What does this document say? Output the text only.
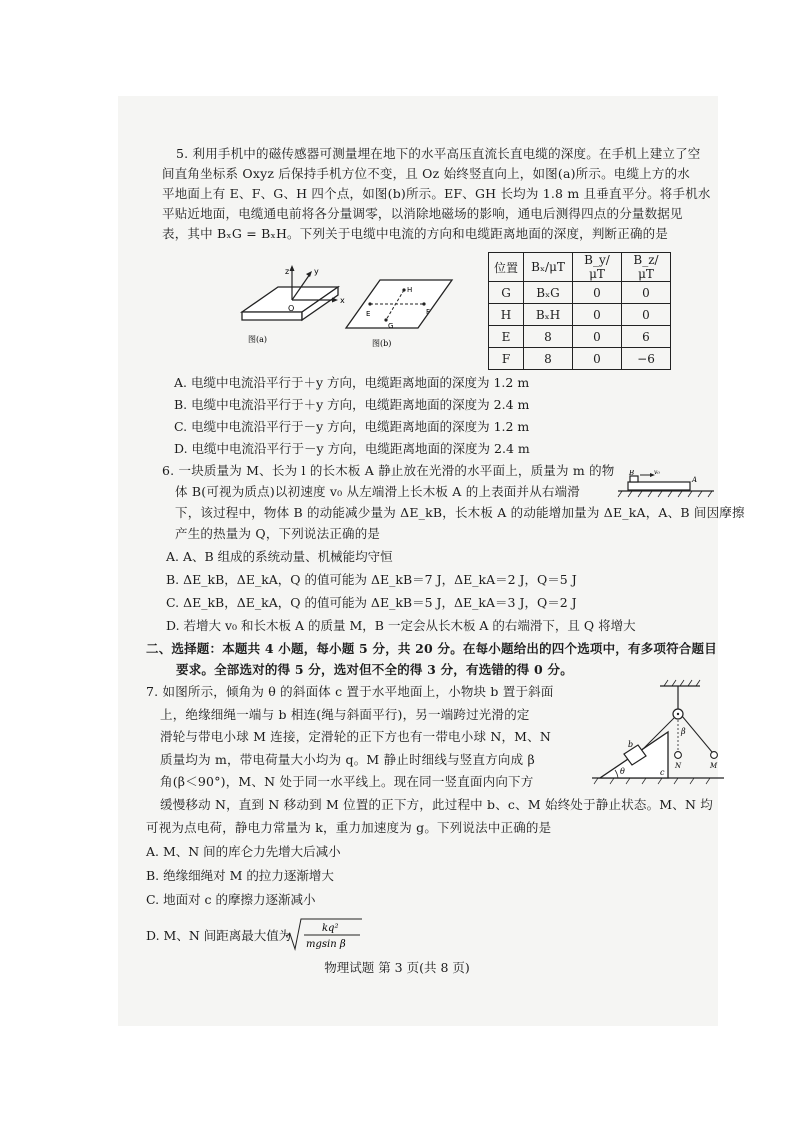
5. 利用手机中的磁传感器可测量埋在地下的水平高压直流长直电缆的深度。在手机上建立了空
间直角坐标系 Oxyz 后保持手机方位不变，且 Oz 始终竖直向上，如图(a)所示。电缆上方的水
平地面上有 E、F、G、H 四个点，如图(b)所示。EF、GH 长均为 1.8 m 且垂直平分。将手机水
平贴近地面，电缆通电前将各分量调零，以消除地磁场的影响，通电后测得四点的分量数据见
表，其中 BₓG = BₓH。下列关于电缆中电流的方向和电缆距离地面的深度，判断正确的是
z	y
x
O
图(a)
E	F
H
G
图(b)
位置	Bₓ/μT	B_y/μT	B_z/μT
G	BₓG	0	0
H	BₓH	0	0
E	8	0	6
F	8	0	−6
A. 电缆中电流沿平行于＋y 方向，电缆距离地面的深度为 1.2 m
B. 电缆中电流沿平行于＋y 方向，电缆距离地面的深度为 2.4 m
C. 电缆中电流沿平行于－y 方向，电缆距离地面的深度为 1.2 m
D. 电缆中电流沿平行于－y 方向，电缆距离地面的深度为 2.4 m
6. 一块质量为 M、长为 l 的长木板 A 静止放在光滑的水平面上，质量为 m 的物
体 B(可视为质点)以初速度 v₀ 从左端滑上长木板 A 的上表面并从右端滑
下，该过程中，物体 B 的动能减少量为 ΔE_kB，长木板 A 的动能增加量为 ΔE_kA，A、B 间因摩擦
产生的热量为 Q，下列说法正确的是
B
A
v₀
A. A、B 组成的系统动量、机械能均守恒
B. ΔE_kB，ΔE_kA，Q 的值可能为 ΔE_kB＝7 J，ΔE_kA＝2 J，Q＝5 J
C. ΔE_kB，ΔE_kA，Q 的值可能为 ΔE_kB＝5 J，ΔE_kA＝3 J，Q＝2 J
D. 若增大 v₀ 和长木板 A 的质量 M，B 一定会从长木板 A 的右端滑下，且 Q 将增大
二、选择题：本题共 4 小题，每小题 5 分，共 20 分。在每小题给出的四个选项中，有多项符合题目
要求。全部选对的得 5 分，选对但不全的得 3 分，有选错的得 0 分。
7. 如图所示，倾角为 θ 的斜面体 c 置于水平地面上，小物块 b 置于斜面
上，绝缘细绳一端与 b 相连(绳与斜面平行)，另一端跨过光滑的定
滑轮与带电小球 M 连接，定滑轮的正下方也有一带电小球 N，M、N
质量均为 m，带电荷量大小均为 q。M 静止时细线与竖直方向成 β
角(β＜90°)，M、N 处于同一水平线上。现在同一竖直面内向下方
缓慢移动 N，直到 N 移动到 M 位置的正下方，此过程中 b、c、M 始终处于静止状态。M、N 均
可视为点电荷，静电力常量为 k，重力加速度为 g。下列说法中正确的是
θ
b
c
β
N	M
A. M、N 间的库仑力先增大后减小
B. 绝缘细绳对 M 的拉力逐渐增大
C. 地面对 c 的摩擦力逐渐减小
D. M、N 间距离最大值为	kq²
mgsin β
物理试题 第 3 页(共 8 页)
